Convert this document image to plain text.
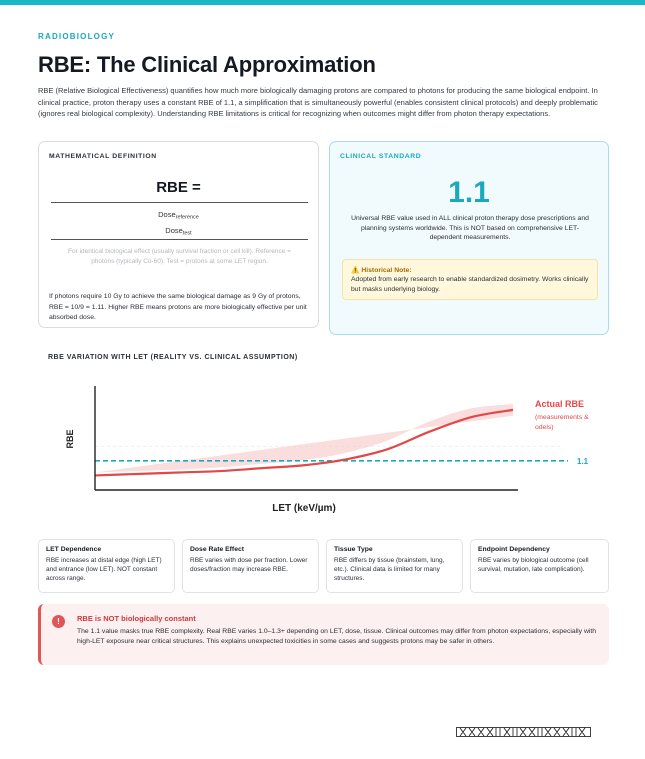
RADIOBIOLOGY
RBE: The Clinical Approximation
RBE (Relative Biological Effectiveness) quantifies how much more biologically damaging protons are compared to photons for producing the same biological endpoint. In clinical practice, proton therapy uses a constant RBE of 1.1, a simplification that is simultaneously powerful (enables consistent clinical protocols) and deeply problematic (ignores real biological complexity). Understanding RBE limitations is critical for recognizing when outcomes might differ from photon therapy expectations.
MATHEMATICAL DEFINITION
RBE =
Dose$_{reference}$
Dose$_{test}$
For identical biological effect (usually survival fraction or cell kill). Reference = photons (typically Co-60). Test = protons at some LET region.
If photons require 10 Gy to achieve the same biological damage as 9 Gy of protons, RBE = 10/9 = 1.11. Higher RBE means protons are more biologically effective per unit absorbed dose.
CLINICAL STANDARD
1.1
Universal RBE value used in ALL clinical proton therapy dose prescriptions and planning systems worldwide. This is NOT based on comprehensive LET-dependent measurements.
⚠️ Historical Note:
Adopted from early research to enable standardized dosimetry. Works clinically but masks underlying biology.
RBE VARIATION WITH LET (REALITY VS. CLINICAL ASSUMPTION)
RBE
LET (keV/µm)
Actual RBE
(measurements &
odels)
1.1
LET Dependence
RBE increases at distal edge (high LET) and entrance (low LET). NOT constant across range.
Dose Rate Effect
RBE varies with dose per fraction. Lower doses/fraction may increase RBE.
Tissue Type
RBE differs by tissue (brainstem, lung, etc.). Clinical data is limited for many structures.
Endpoint Dependency
RBE varies by biological outcome (cell survival, mutation, late complication).
!	RBE is NOT biologically constant
The 1.1 value masks true RBE complexity. Real RBE varies 1.0–1.3+ depending on LET, dose, tissue. Clinical outcomes may differ from photon expectations, especially with high-LET exposure near critical structures. This explains unexpected toxicities in some cases and suggests protons may be safer in others.
